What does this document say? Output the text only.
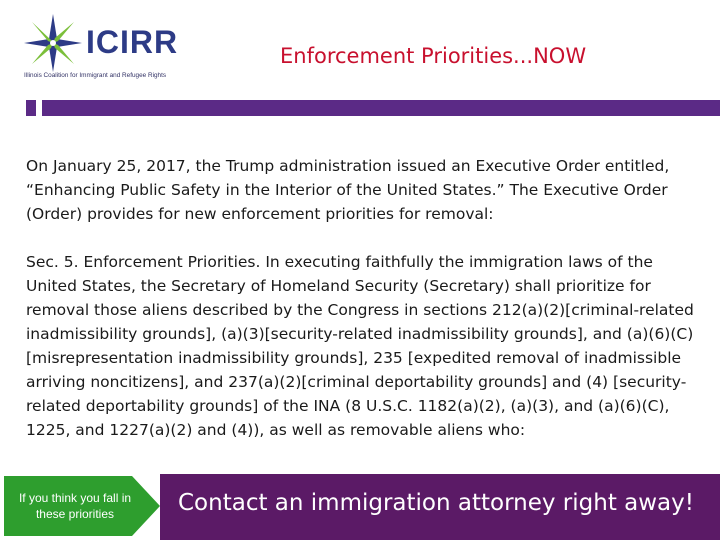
ICIRR
Illinois Coalition for Immigrant and Refugee Rights
Enforcement Priorities...NOW

On January 25, 2017, the Trump administration issued an Executive Order entitled, “Enhancing Public Safety in the Interior of the United States.” The Executive Order (Order) provides for new enforcement priorities for removal:

Sec. 5. Enforcement Priorities. In executing faithfully the immigration laws of the United States, the Secretary of Homeland Security (Secretary) shall prioritize for removal those aliens described by the Congress in sections 212(a)(2)[criminal-related inadmissibility grounds], (a)(3)[security-related inadmissibility grounds], and (a)(6)(C)[misrepresentation inadmissibility grounds], 235 [expedited removal of inadmissible arriving noncitizens], and 237(a)(2)[criminal deportability grounds] and (4) [security-related deportability grounds] of the INA (8 U.S.C. 1182(a)(2), (a)(3), and (a)(6)(C), 1225, and 1227(a)(2) and (4)), as well as removable aliens who:

If you think you fall in these priorities	Contact an immigration attorney right away!
